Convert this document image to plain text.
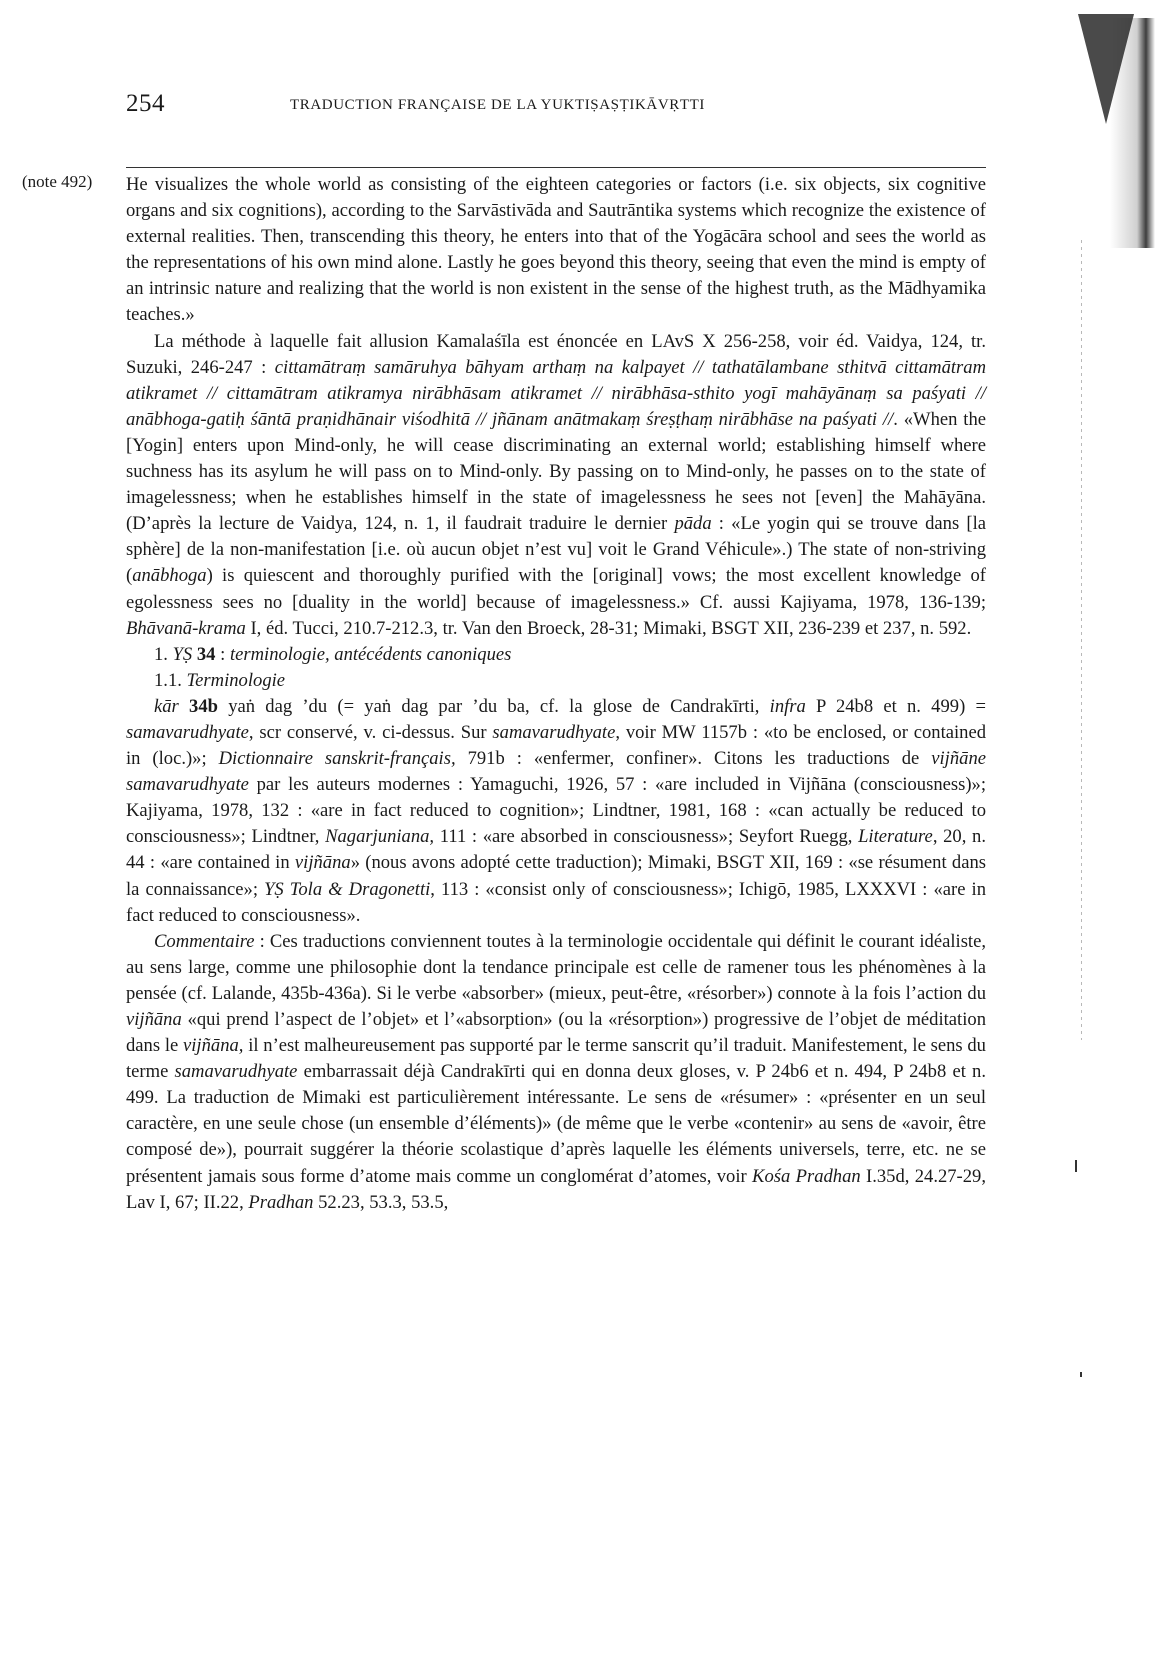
254	TRADUCTION FRANÇAISE DE LA YUKTIṢAṢṬIKĀVṚTTI
(note 492) He visualizes the whole world as consisting of the eighteen categories or factors (i.e. six objects, six cognitive organs and six cognitions), according to the Sarvāstivāda and Sautrāntika systems which recognize the existence of external realities. Then, transcending this theory, he enters into that of the Yogācāra school and sees the world as the representations of his own mind alone. Lastly he goes beyond this theory, seeing that even the mind is empty of an intrinsic nature and realizing that the world is non existent in the sense of the highest truth, as the Mādhyamika teaches.»

La méthode à laquelle fait allusion Kamalaśīla est énoncée en LAvS X 256-258, voir éd. Vaidya, 124, tr. Suzuki, 246-247 : cittamātraṃ samāruhya bāhyam arthaṃ na kalpayet // tathatālambane sthitvā cittamātram atikramet // cittamātram atikramya nirābhāsam atikramet // nirābhāsa-sthito yogī mahāyānaṃ sa paśyati // anābhoga-gatiḥ śāntā praṇidhānair viśodhitā // jñānam anātmakaṃ śreṣṭhaṃ nirābhāse na paśyati //. «When the [Yogin] enters upon Mind-only, he will cease discriminating an external world; establishing himself where suchness has its asylum he will pass on to Mind-only. By passing on to Mind-only, he passes on to the state of imagelessness; when he establishes himself in the state of imagelessness he sees not [even] the Mahāyāna. (D’après la lecture de Vaidya, 124, n. 1, il faudrait traduire le dernier pāda : «Le yogin qui se trouve dans [la sphère] de la non-manifestation [i.e. où aucun objet n’est vu] voit le Grand Véhicule».) The state of non-striving (anābhoga) is quiescent and thoroughly purified with the [original] vows; the most excellent knowledge of egolessness sees no [duality in the world] because of imagelessness.» Cf. aussi Kajiyama, 1978, 136-139; Bhāvanā-krama I, éd. Tucci, 210.7-212.3, tr. Van den Broeck, 28-31; Mimaki, BSGT XII, 236-239 et 237, n. 592.

1. YṢ 34 : terminologie, antécédents canoniques

1.1. Terminologie

kār 34b yaṅ dag ’du (= yaṅ dag par ’du ba, cf. la glose de Candrakīrti, infra P 24b8 et n. 499) = samavarudhyate, scr conservé, v. ci-dessus. Sur samavarudhyate, voir MW 1157b : «to be enclosed, or contained in (loc.)»; Dictionnaire sanskrit-français, 791b : «enfermer, confiner». Citons les traductions de vijñāne samavarudhyate par les auteurs modernes : Yamaguchi, 1926, 57 : «are included in Vijñāna (consciousness)»; Kajiyama, 1978, 132 : «are in fact reduced to cognition»; Lindtner, 1981, 168 : «can actually be reduced to consciousness»; Lindtner, Nagarjuniana, 111 : «are absorbed in consciousness»; Seyfort Ruegg, Literature, 20, n. 44 : «are contained in vijñāna» (nous avons adopté cette traduction); Mimaki, BSGT XII, 169 : «se résument dans la connaissance»; YṢ Tola & Dragonetti, 113 : «consist only of consciousness»; Ichigō, 1985, LXXXVI : «are in fact reduced to consciousness».

Commentaire : Ces traductions conviennent toutes à la terminologie occidentale qui définit le courant idéaliste, au sens large, comme une philosophie dont la tendance principale est celle de ramener tous les phénomènes à la pensée (cf. Lalande, 435b-436a). Si le verbe «absorber» (mieux, peut-être, «résorber») connote à la fois l’action du vijñāna «qui prend l’aspect de l’objet» et l’«absorption» (ou la «résorption») progressive de l’objet de méditation dans le vijñāna, il n’est malheureusement pas supporté par le terme sanscrit qu’il traduit. Manifestement, le sens du terme samavarudhyate embarrassait déjà Candrakīrti qui en donna deux gloses, v. P 24b6 et n. 494, P 24b8 et n. 499. La traduction de Mimaki est particulièrement intéressante. Le sens de «résumer» : «présenter en un seul caractère, en une seule chose (un ensemble d’éléments)» (de même que le verbe «contenir» au sens de «avoir, être composé de»), pourrait suggérer la théorie scolastique d’après laquelle les éléments universels, terre, etc. ne se présentent jamais sous forme d’atome mais comme un conglomérat d’atomes, voir Kośa Pradhan I.35d, 24.27-29, Lav I, 67; II.22, Pradhan 52.23, 53.3, 53.5,
